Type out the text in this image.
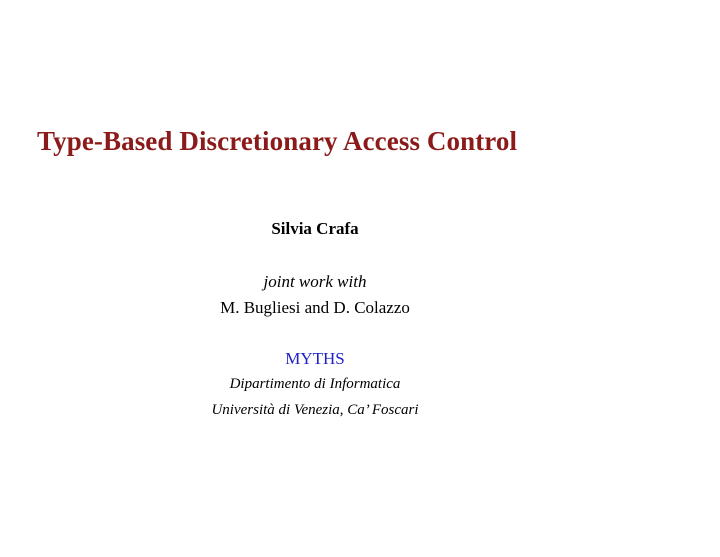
Type-Based Discretionary Access Control
Silvia Crafa
joint work with
M. Bugliesi and D. Colazzo
MYTHS
Dipartimento di Informatica
Università di Venezia, Ca’ Foscari
